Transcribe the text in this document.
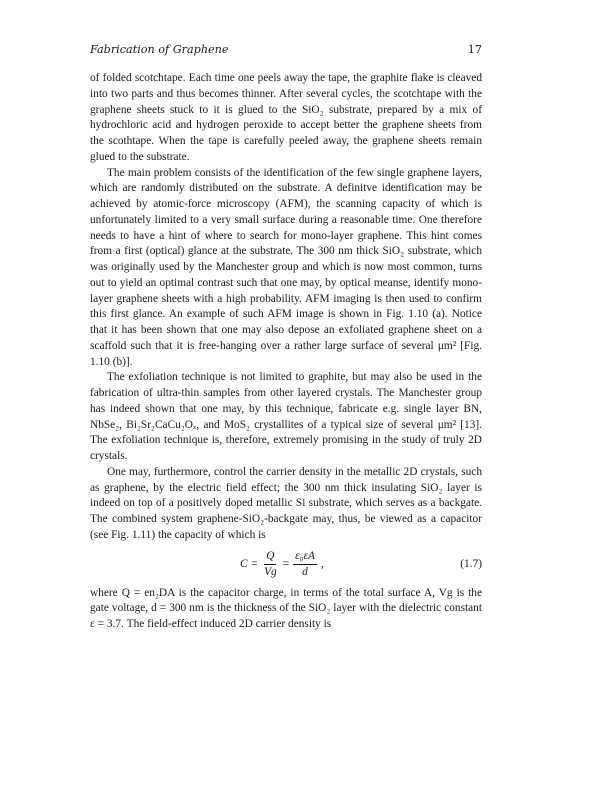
Fabrication of Graphene	17

of folded scotchtape. Each time one peels away the tape, the graphite flake is cleaved into two parts and thus becomes thinner. After several cycles, the scotchtape with the graphene sheets stuck to it is glued to the SiO₂ substrate, prepared by a mix of hydrochloric acid and hydrogen peroxide to accept better the graphene sheets from the scothtape. When the tape is carefully peeled away, the graphene sheets remain glued to the substrate.

The main problem consists of the identification of the few single graphene layers, which are randomly distributed on the substrate. A definitve identification may be achieved by atomic-force microscopy (AFM), the scanning capacity of which is unfortunately limited to a very small surface during a reasonable time. One therefore needs to have a hint of where to search for mono-layer graphene. This hint comes from a first (optical) glance at the substrate. The 300 nm thick SiO₂ substrate, which was originally used by the Manchester group and which is now most common, turns out to yield an optimal contrast such that one may, by optical meanse, identify mono-layer graphene sheets with a high probability. AFM imaging is then used to confirm this first glance. An example of such AFM image is shown in Fig. 1.10 (a). Notice that it has been shown that one may also depose an exfoliated graphene sheet on a scaffold such that it is free-hanging over a rather large surface of several μm² [Fig. 1.10 (b)].

The exfoliation technique is not limited to graphite, but may also be used in the fabrication of ultra-thin samples from other layered crystals. The Manchester group has indeed shown that one may, by this technique, fabricate e.g. single layer BN, NbSe₂, Bi₂Sr₂CaCu₂Oₓ, and MoS₂ crystallites of a typical size of several μm² [13]. The exfoliation technique is, therefore, extremely promising in the study of truly 2D crystals.

One may, furthermore, control the carrier density in the metallic 2D crystals, such as graphene, by the electric field effect; the 300 nm thick insulating SiO₂ layer is indeed on top of a positively doped metallic Si substrate, which serves as a backgate. The combined system graphene-SiO₂-backgate may, thus, be viewed as a capacitor (see Fig. 1.11) the capacity of which is

$C = \frac{Q}{Vg} = \frac{\text{ε₀εA}}{d}$ ,	(1.7)

where Q = en₂DA is the capacitor charge, in terms of the total surface A, Vg is the gate voltage, d = 300 nm is the thickness of the SiO₂ layer with the dielectric constant ε = 3.7. The field-effect induced 2D carrier density is
